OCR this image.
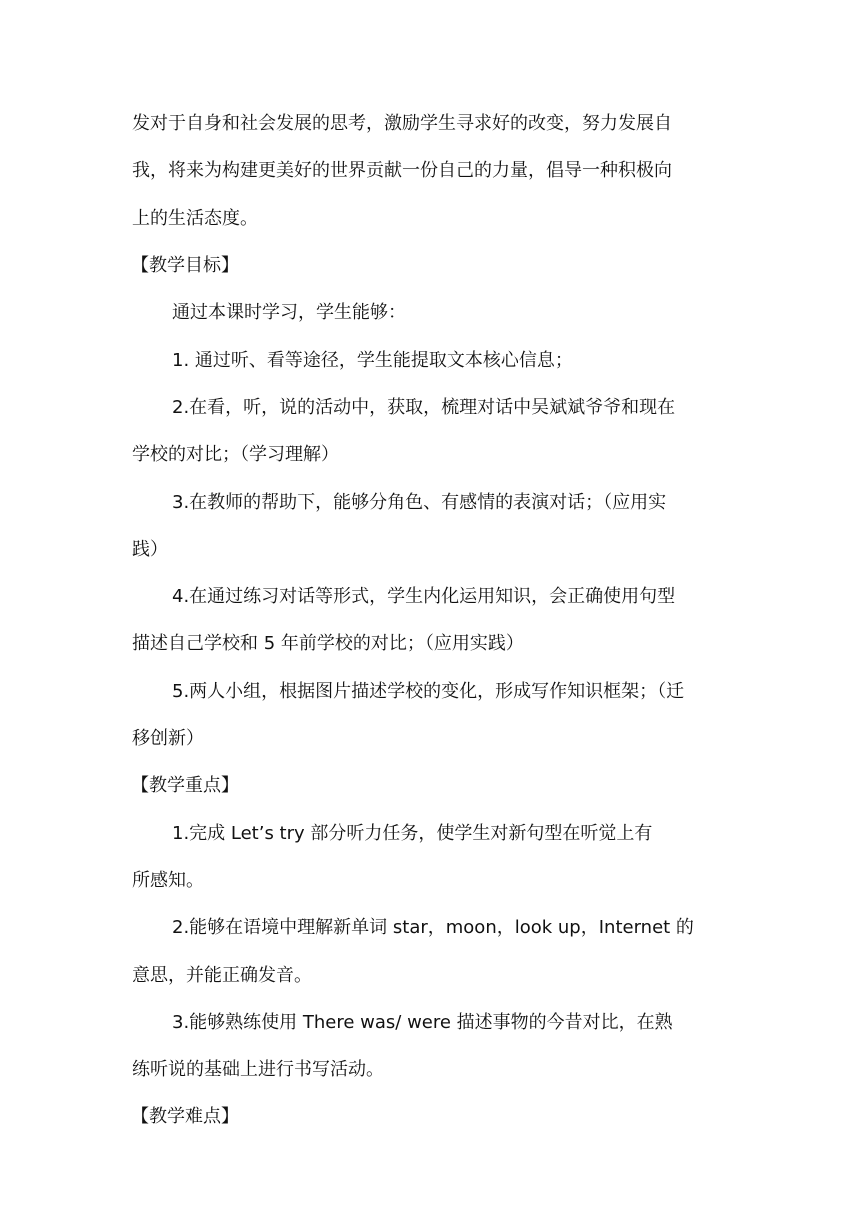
发对于自身和社会发展的思考，激励学生寻求好的改变，努力发展自

我，将来为构建更美好的世界贡献一份自己的力量，倡导一种积极向

上的生活态度。

【教学目标】

通过本课时学习，学生能够：

1. 通过听、看等途径，学生能提取文本核心信息；

2.在看，听，说的活动中，获取，梳理对话中吴斌斌爷爷和现在

学校的对比；（学习理解）

3.在教师的帮助下，能够分角色、有感情的表演对话；（应用实

践）

4.在通过练习对话等形式，学生内化运用知识，会正确使用句型

描述自己学校和 5 年前学校的对比；（应用实践）

5.两人小组，根据图片描述学校的变化，形成写作知识框架；（迁

移创新）

【教学重点】

1.完成 Let’s try 部分听力任务，使学生对新句型在听觉上有

所感知。

2.能够在语境中理解新单词 star，moon，look up，Internet 的

意思，并能正确发音。

3.能够熟练使用 There was/ were 描述事物的今昔对比，在熟

练听说的基础上进行书写活动。

【教学难点】
